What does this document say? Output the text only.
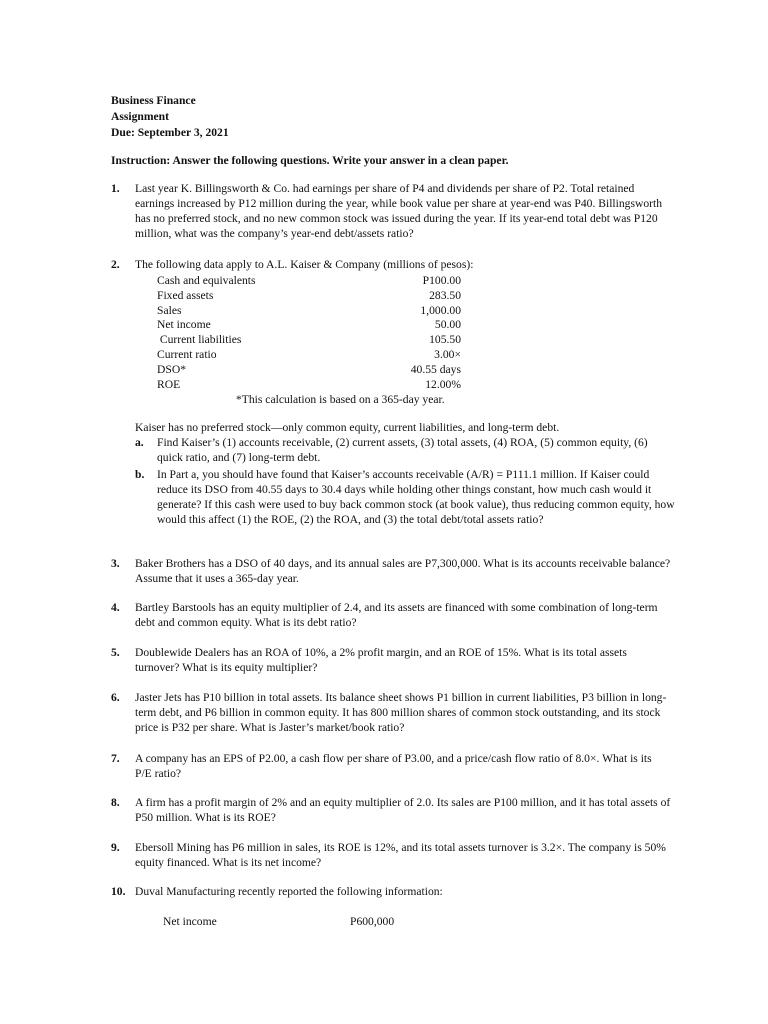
Business Finance
Assignment
Due: September 3, 2021
Instruction: Answer the following questions. Write your answer in a clean paper.
1.	Last year K. Billingsworth & Co. had earnings per share of P4 and dividends per share of P2. Total retained earnings increased by P12 million during the year, while book value per share at year-end was P40. Billingsworth has no preferred stock, and no new common stock was issued during the year. If its year-end total debt was P120 million, what was the company’s year-end debt/assets ratio?
2.	The following data apply to A.L. Kaiser & Company (millions of pesos):
Cash and equivalents	P100.00
Fixed assets	283.50
Sales	1,000.00
Net income	50.00
Current liabilities	105.50
Current ratio	3.00×
DSO*	40.55 days
ROE	12.00%
*This calculation is based on a 365-day year.
Kaiser has no preferred stock—only common equity, current liabilities, and long-term debt.
a. Find Kaiser’s (1) accounts receivable, (2) current assets, (3) total assets, (4) ROA, (5) common equity, (6) quick ratio, and (7) long-term debt.
b. In Part a, you should have found that Kaiser’s accounts receivable (A/R) = P111.1 million. If Kaiser could reduce its DSO from 40.55 days to 30.4 days while holding other things constant, how much cash would it generate? If this cash were used to buy back common stock (at book value), thus reducing common equity, how would this affect (1) the ROE, (2) the ROA, and (3) the total debt/total assets ratio?
3.	Baker Brothers has a DSO of 40 days, and its annual sales are P7,300,000. What is its accounts receivable balance? Assume that it uses a 365-day year.
4.	Bartley Barstools has an equity multiplier of 2.4, and its assets are financed with some combination of long-term debt and common equity. What is its debt ratio?
5.	Doublewide Dealers has an ROA of 10%, a 2% profit margin, and an ROE of 15%. What is its total assets turnover? What is its equity multiplier?
6.	Jaster Jets has P10 billion in total assets. Its balance sheet shows P1 billion in current liabilities, P3 billion in long-term debt, and P6 billion in common equity. It has 800 million shares of common stock outstanding, and its stock price is P32 per share. What is Jaster’s market/book ratio?
7.	A company has an EPS of P2.00, a cash flow per share of P3.00, and a price/cash flow ratio of 8.0×. What is its P/E ratio?
8.	A firm has a profit margin of 2% and an equity multiplier of 2.0. Its sales are P100 million, and it has total assets of P50 million. What is its ROE?
9.	Ebersoll Mining has P6 million in sales, its ROE is 12%, and its total assets turnover is 3.2×. The company is 50% equity financed. What is its net income?
10. Duval Manufacturing recently reported the following information:
Net income	P600,000
